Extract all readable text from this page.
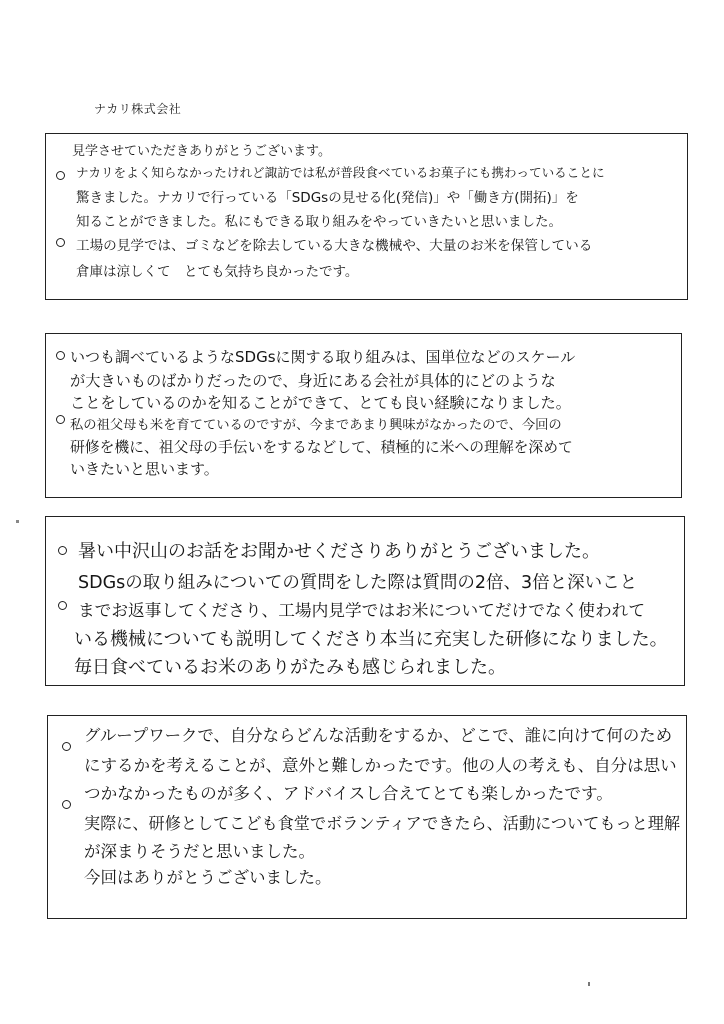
ナカリ株式会社
見学させていただきありがとうございます。
ナカリをよく知らなかったけれど諏訪では私が普段食べているお菓子にも携わっていることに
驚きました。ナカリで行っている「SDGsの見せる化(発信)」や「働き方(開拓)」を
知ることができました。私にもできる取り組みをやっていきたいと思いました。
工場の見学では、ゴミなどを除去している大きな機械や、大量のお米を保管している
倉庫は涼しくて　とても気持ち良かったです。
いつも調べているようなSDGsに関する取り組みは、国単位などのスケール
が大きいものばかりだったので、身近にある会社が具体的にどのような
ことをしているのかを知ることができて、とても良い経験になりました。
私の祖父母も米を育てているのですが、今まであまり興味がなかったので、今回の
研修を機に、祖父母の手伝いをするなどして、積極的に米への理解を深めて
いきたいと思います。
暑い中沢山のお話をお聞かせくださりありがとうございました。
SDGsの取り組みについての質問をした際は質問の2倍、3倍と深いこと
までお返事してくださり、工場内見学ではお米についてだけでなく使われて
いる機械についても説明してくださり本当に充実した研修になりました。
毎日食べているお米のありがたみも感じられました。
グループワークで、自分ならどんな活動をするか、どこで、誰に向けて何のため
にするかを考えることが、意外と難しかったです。他の人の考えも、自分は思い
つかなかったものが多く、アドバイスし合えてとても楽しかったです。
実際に、研修としてこども食堂でボランティアできたら、活動についてもっと理解
が深まりそうだと思いました。
今回はありがとうございました。
